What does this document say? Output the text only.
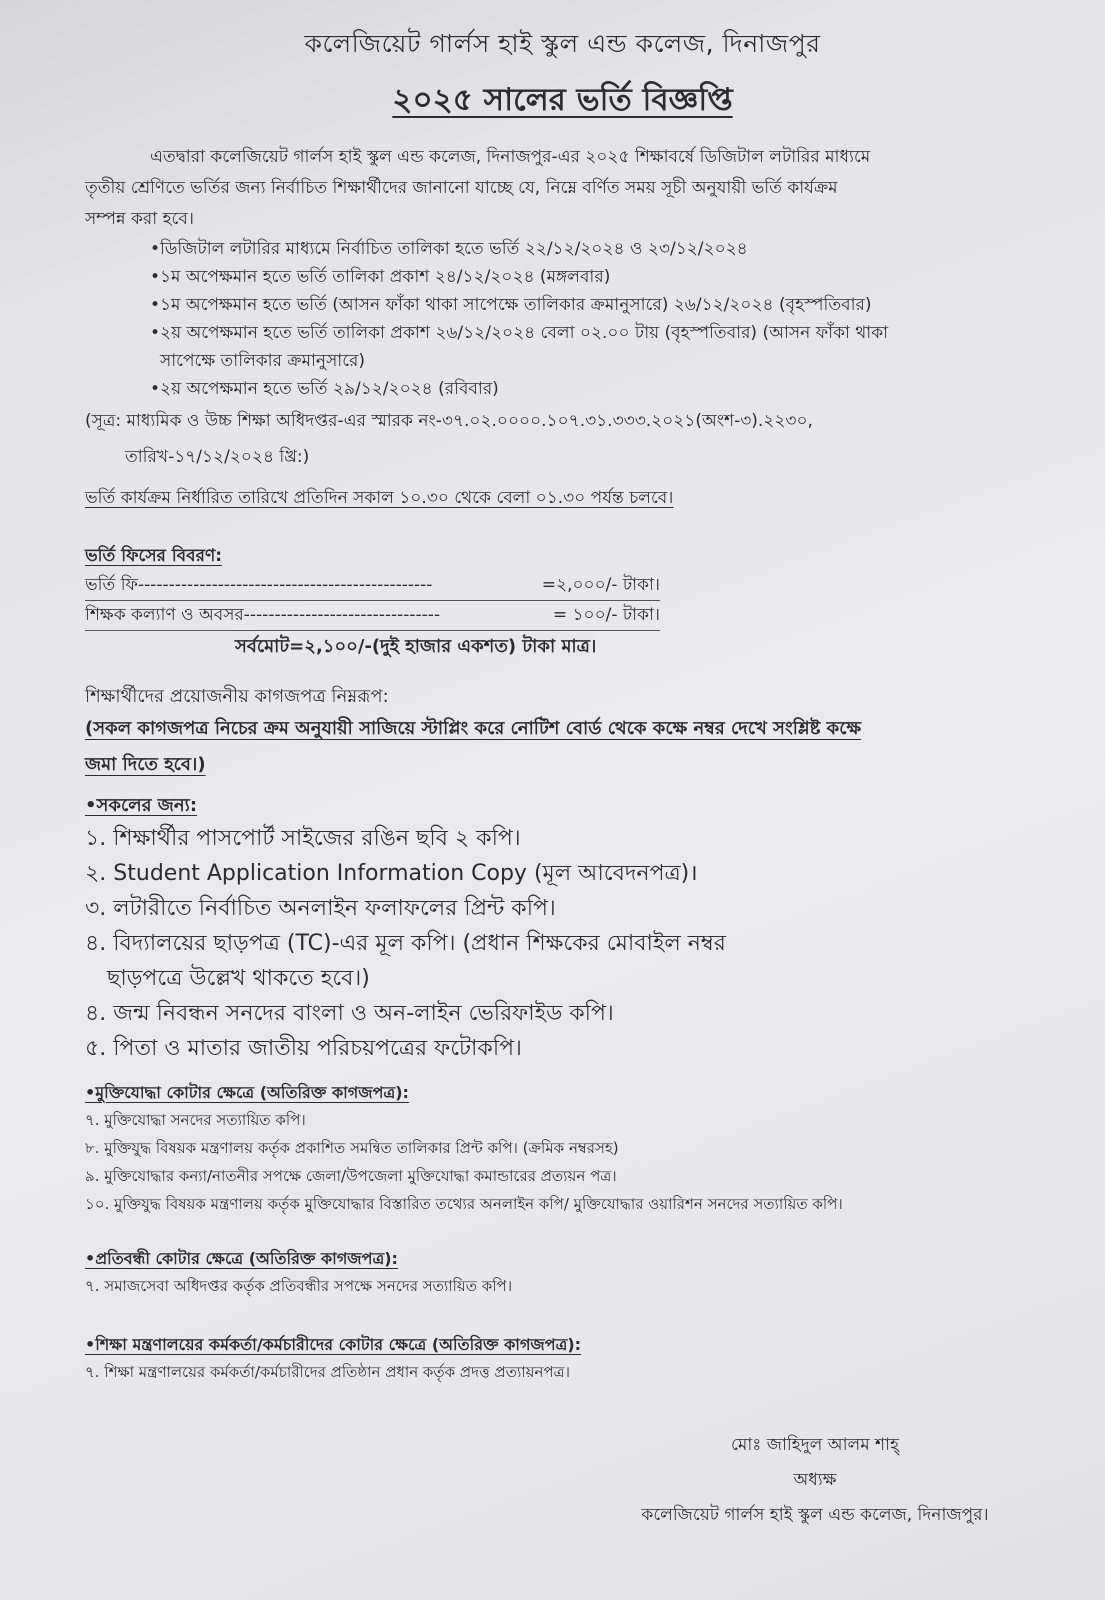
কলেজিয়েট গার্লস হাই স্কুল এন্ড কলেজ, দিনাজপুর
২০২৫ সালের ভর্তি বিজ্ঞপ্তি
এতদ্বারা কলেজিয়েট গার্লস হাই স্কুল এন্ড কলেজ, দিনাজপুর-এর ২০২৫ শিক্ষাবর্ষে ডিজিটাল লটারির মাধ্যমে
তৃতীয় শ্রেণিতে ভর্তির জন্য নির্বাচিত শিক্ষার্থীদের জানানো যাচ্ছে যে, নিম্নে বর্ণিত সময় সূচী অনুযায়ী ভর্তি কার্যক্রম
সম্পন্ন করা হবে।
•ডিজিটাল লটারির মাধ্যমে নির্বাচিত তালিকা হতে ভর্তি ২২/১২/২০২৪ ও ২৩/১২/২০২৪
•১ম অপেক্ষমান হতে ভর্তি তালিকা প্রকাশ ২৪/১২/২০২৪ (মঙ্গলবার)
•১ম অপেক্ষমান হতে ভর্তি (আসন ফাঁকা থাকা সাপেক্ষে তালিকার ক্রমানুসারে) ২৬/১২/২০২৪ (বৃহস্পতিবার)
•২য় অপেক্ষমান হতে ভর্তি তালিকা প্রকাশ ২৬/১২/২০২৪ বেলা ০২.০০ টায় (বৃহস্পতিবার) (আসন ফাঁকা থাকা
সাপেক্ষে তালিকার ক্রমানুসারে)
•২য় অপেক্ষমান হতে ভর্তি ২৯/১২/২০২৪ (রবিবার)
(সূত্র: মাধ্যমিক ও উচ্চ শিক্ষা অধিদপ্তর-এর স্মারক নং-৩৭.০২.০০০০.১০৭.৩১.৩৩৩.২০২১(অংশ-৩).২২৩০,
তারিখ-১৭/১২/২০২৪ খ্রি:)
ভর্তি কার্যক্রম নির্ধারিত তারিখে প্রতিদিন সকাল ১০.৩০ থেকে বেলা ০১.৩০ পর্যন্ত চলবে।
ভর্তি ফিসের বিবরণ:
ভর্তি ফি ------------------------------------------------	=২,০০০/- টাকা।
শিক্ষক কল্যাণ ও অবসর --------------------------------	= ১০০/- টাকা।
সর্বমোট=২,১০০/-(দুই হাজার একশত) টাকা মাত্র।
শিক্ষার্থীদের প্রয়োজনীয় কাগজপত্র নিম্নরূপ:
(সকল কাগজপত্র নিচের ক্রম অনুযায়ী সাজিয়ে স্টাপ্লিং করে নোটিশ বোর্ড থেকে কক্ষে নম্বর দেখে সংশ্লিষ্ট কক্ষে
জমা দিতে হবে।)
•সকলের জন্য:
১. শিক্ষার্থীর পাসপোর্ট সাইজের রঙিন ছবি ২ কপি।
২. Student Application Information Copy (মূল আবেদনপত্র)।
৩. লটারীতে নির্বাচিত অনলাইন ফলাফলের প্রিন্ট কপি।
৪. বিদ্যালয়ের ছাড়পত্র (TC)-এর মূল কপি। (প্রধান শিক্ষকের মোবাইল নম্বর
ছাড়পত্রে উল্লেখ থাকতে হবে।)
৪. জন্ম নিবন্ধন সনদের বাংলা ও অন-লাইন ভেরিফাইড কপি।
৫. পিতা ও মাতার জাতীয় পরিচয়পত্রের ফটোকপি।
•মুক্তিযোদ্ধা কোটার ক্ষেত্রে (অতিরিক্ত কাগজপত্র):
৭. মুক্তিযোদ্ধা সনদের সত্যায়িত কপি।
৮. মুক্তিযুদ্ধ বিষয়ক মন্ত্রণালয় কর্তৃক প্রকাশিত সমন্বিত তালিকার প্রিন্ট কপি। (ক্রমিক নম্বরসহ)
৯. মুক্তিযোদ্ধার কন্যা/নাতনীর সপক্ষে জেলা/উপজেলা মুক্তিযোদ্ধা কমান্ডারের প্রত্যয়ন পত্র।
১০. মুক্তিযুদ্ধ বিষয়ক মন্ত্রণালয় কর্তৃক মুক্তিযোদ্ধার বিস্তারিত তথ্যের অনলাইন কপি/ মুক্তিযোদ্ধার ওয়ারিশন সনদের সত্যায়িত কপি।
•প্রতিবন্ধী কোটার ক্ষেত্রে (অতিরিক্ত কাগজপত্র):
৭. সমাজসেবা অধিদপ্তর কর্তৃক প্রতিবন্ধীর সপক্ষে সনদের সত্যায়িত কপি।
•শিক্ষা মন্ত্রণালয়ের কর্মকর্তা/কর্মচারীদের কোটার ক্ষেত্রে (অতিরিক্ত কাগজপত্র):
৭. শিক্ষা মন্ত্রণালয়ের কর্মকর্তা/কর্মচারীদের প্রতিষ্ঠান প্রধান কর্তৃক প্রদত্ত প্রত্যায়নপত্র।
মোঃ জাহিদুল আলম শাহ্
অধ্যক্ষ
কলেজিয়েট গার্লস হাই স্কুল এন্ড কলেজ, দিনাজপুর।
